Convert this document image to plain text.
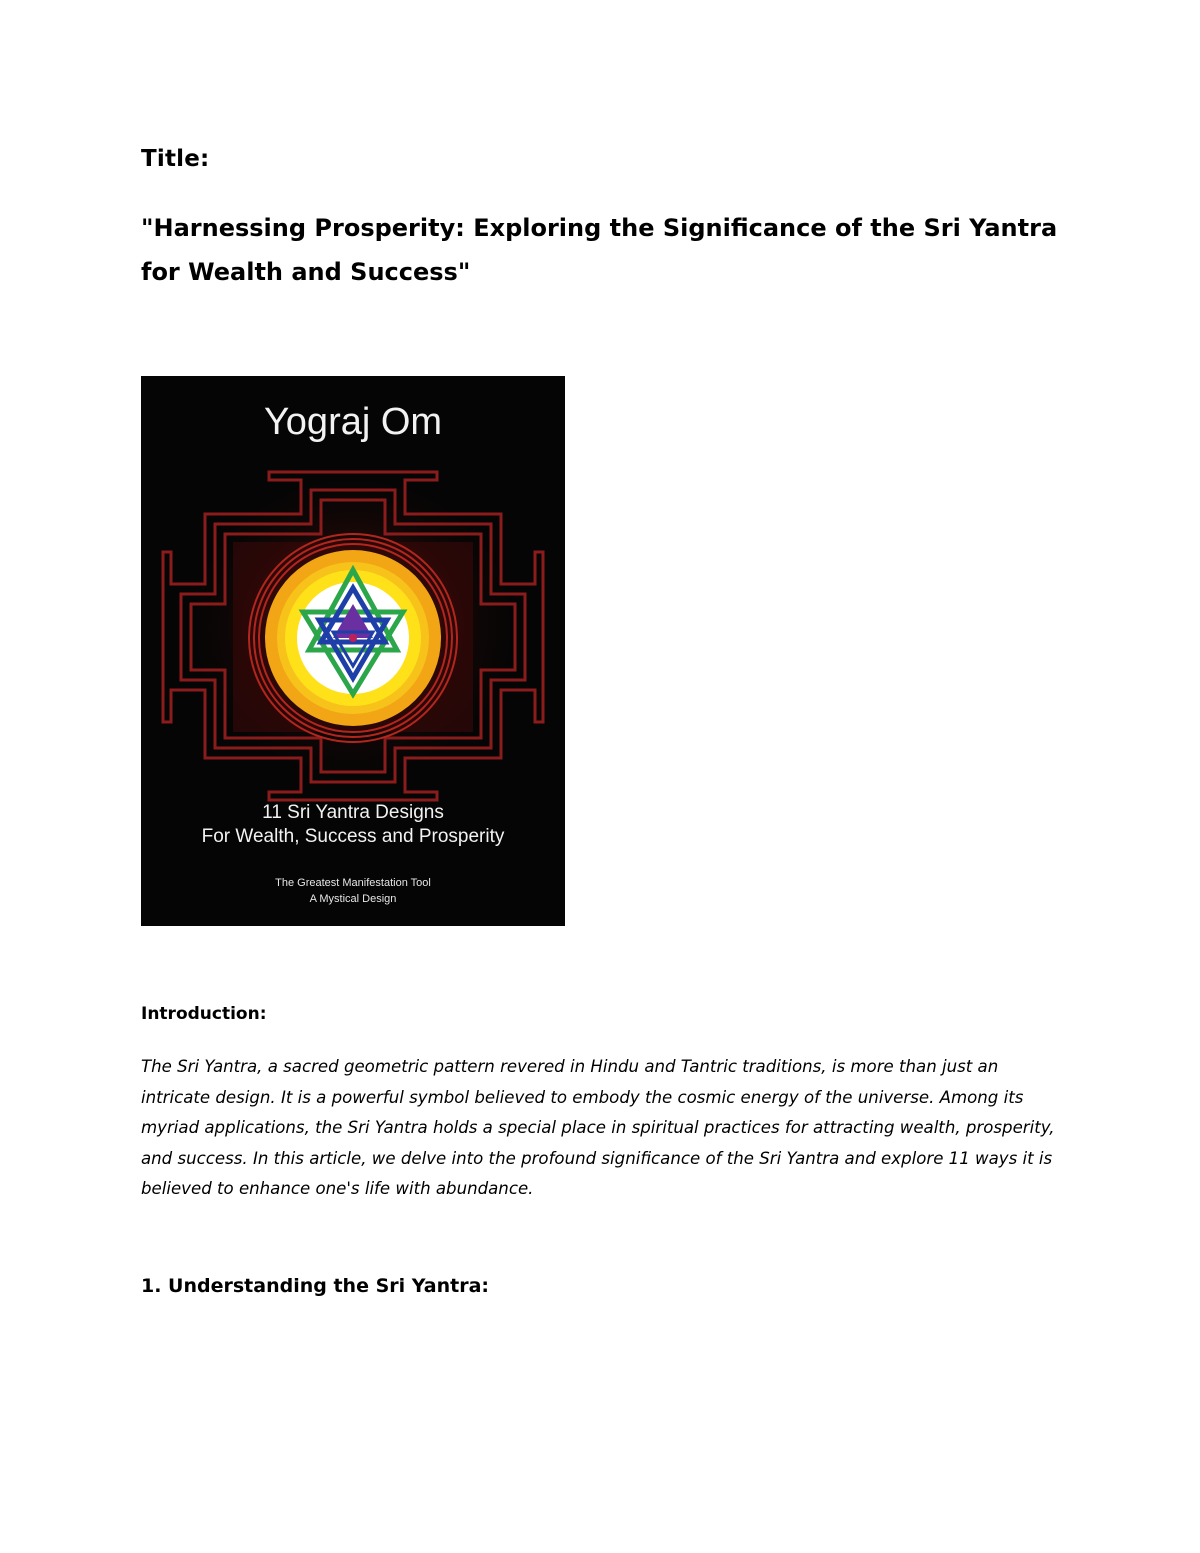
Title:
"Harnessing Prosperity: Exploring the Significance of the Sri Yantra for Wealth and Success"
Yograj Om
11 Sri Yantra Designs
For Wealth, Success and Prosperity
The Greatest Manifestation Tool
A Mystical Design
Introduction:
The Sri Yantra, a sacred geometric pattern revered in Hindu and Tantric traditions, is more than just an intricate design. It is a powerful symbol believed to embody the cosmic energy of the universe. Among its myriad applications, the Sri Yantra holds a special place in spiritual practices for attracting wealth, prosperity, and success. In this article, we delve into the profound significance of the Sri Yantra and explore 11 ways it is believed to enhance one's life with abundance.
1. Understanding the Sri Yantra:
